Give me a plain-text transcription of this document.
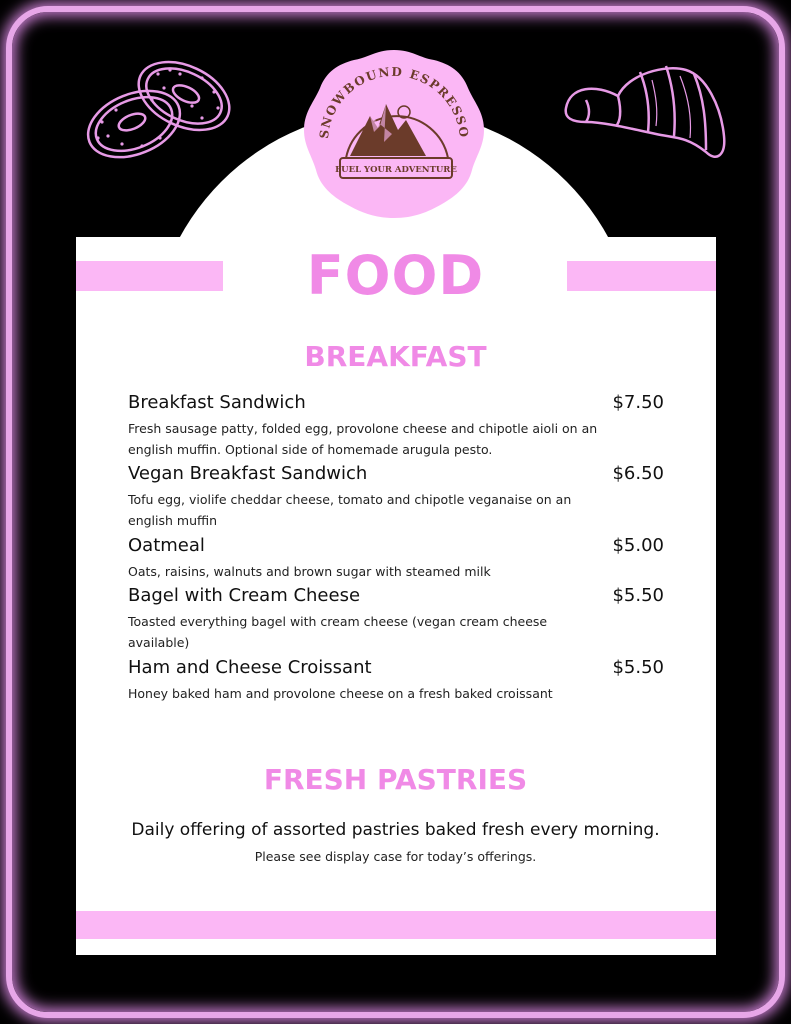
SNOWBOUND ESPRESSO
FUEL YOUR ADVENTURE
FOOD
BREAKFAST
Breakfast Sandwich	$7.50
Fresh sausage patty, folded egg, provolone cheese and chipotle aioli on an english muffin. Optional side of homemade arugula pesto.
Vegan Breakfast Sandwich	$6.50
Tofu egg, violife cheddar cheese, tomato and chipotle veganaise on an english muffin
Oatmeal	$5.00
Oats, raisins, walnuts and brown sugar with steamed milk
Bagel with Cream Cheese	$5.50
Toasted everything bagel with cream cheese (vegan cream cheese available)
Ham and Cheese Croissant	$5.50
Honey baked ham and provolone cheese on a fresh baked croissant
FRESH PASTRIES
Daily offering of assorted pastries baked fresh every morning.
Please see display case for today’s offerings.
